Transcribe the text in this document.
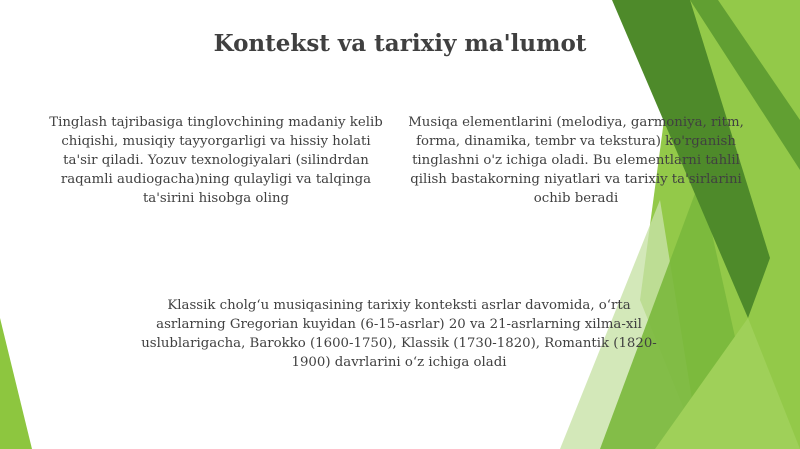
Kontekst va tarixiy ma'lumot

Tinglash tajribasiga tinglovchining madaniy kelib chiqishi, musiqiy tayyorgarligi va hissiy holati ta'sir qiladi. Yozuv texnologiyalari (silindrdan raqamli audiogacha)ning qulayligi va talqinga ta'sirini hisobga oling

Musiqa elementlarini (melodiya, garmoniya, ritm, forma, dinamika, tembr va tekstura) ko'rganish tinglashni o'z ichiga oladi. Bu elementlarni tahlil qilish bastakorning niyatlari va tarixiy ta'sirlarini ochib beradi

Klassik cholg‘u musiqasining tarixiy konteksti asrlar davomida, o‘rta asrlarning Gregorian kuyidan (6-15-asrlar) 20 va 21-asrlarning xilma-xil uslublarigacha, Barokko (1600-1750), Klassik (1730-1820), Romantik (1820-1900) davrlarini o‘z ichiga oladi
